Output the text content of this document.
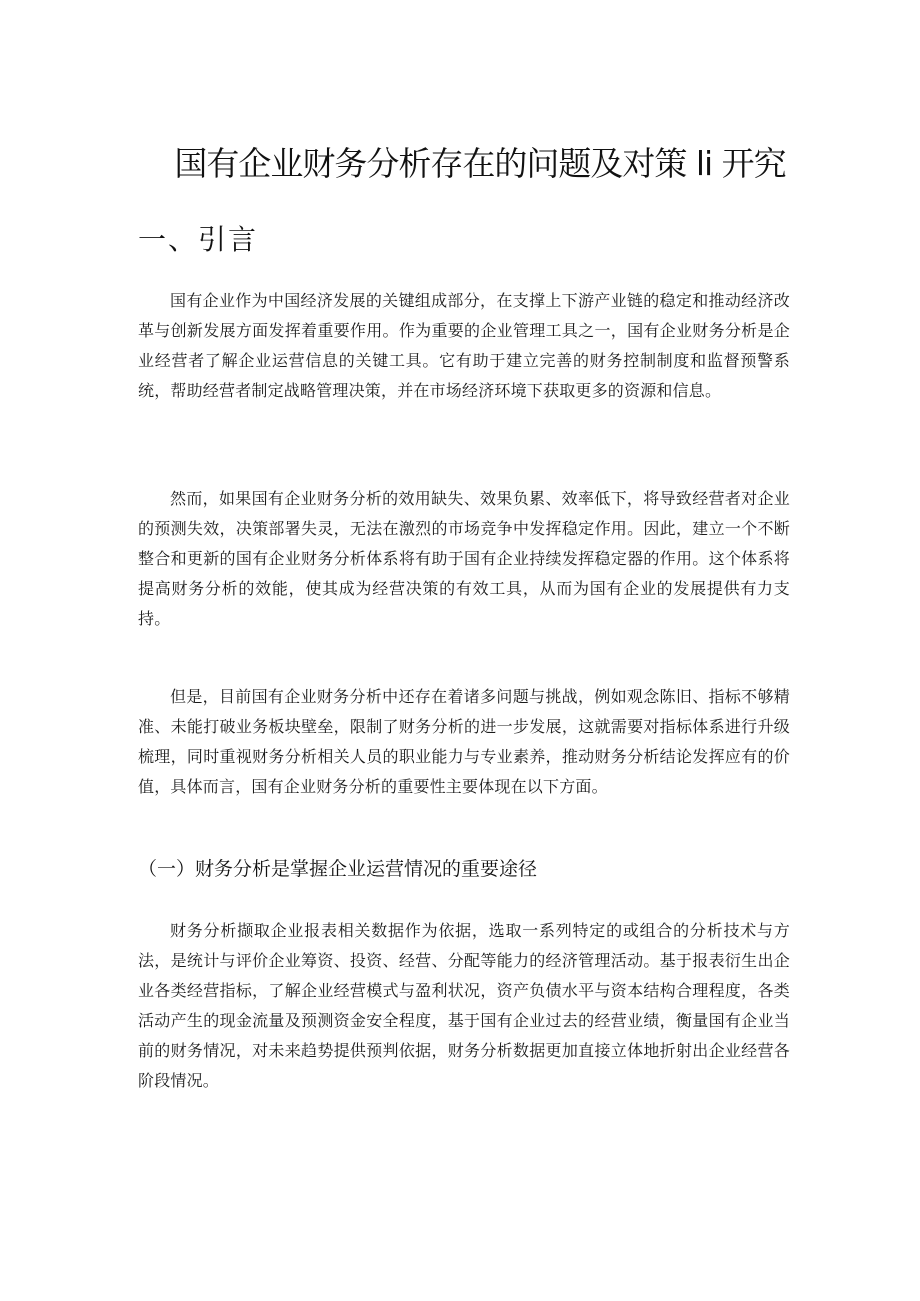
国有企业财务分析存在的问题及对策 li 开究
一、引言

国有企业作为中国经济发展的关键组成部分，在支撑上下游产业链的稳定和推动经济改革与创新发展方面发挥着重要作用。作为重要的企业管理工具之一，国有企业财务分析是企业经营者了解企业运营信息的关键工具。它有助于建立完善的财务控制制度和监督预警系统，帮助经营者制定战略管理决策，并在市场经济环境下获取更多的资源和信息。

然而，如果国有企业财务分析的效用缺失、效果负累、效率低下，将导致经营者对企业的预测失效，决策部署失灵，无法在激烈的市场竞争中发挥稳定作用。因此，建立一个不断整合和更新的国有企业财务分析体系将有助于国有企业持续发挥稳定器的作用。这个体系将提高财务分析的效能，使其成为经营决策的有效工具，从而为国有企业的发展提供有力支持。

但是，目前国有企业财务分析中还存在着诸多问题与挑战，例如观念陈旧、指标不够精准、未能打破业务板块壁垒，限制了财务分析的进一步发展，这就需要对指标体系进行升级梳理，同时重视财务分析相关人员的职业能力与专业素养，推动财务分析结论发挥应有的价值，具体而言，国有企业财务分析的重要性主要体现在以下方面。

（一）财务分析是掌握企业运营情况的重要途径

财务分析撷取企业报表相关数据作为依据，选取一系列特定的或组合的分析技术与方法，是统计与评价企业筹资、投资、经营、分配等能力的经济管理活动。基于报表衍生出企业各类经营指标，了解企业经营模式与盈利状况，资产负债水平与资本结构合理程度，各类活动产生的现金流量及预测资金安全程度，基于国有企业过去的经营业绩，衡量国有企业当前的财务情况，对未来趋势提供预判依据，财务分析数据更加直接立体地折射出企业经营各阶段情况。
